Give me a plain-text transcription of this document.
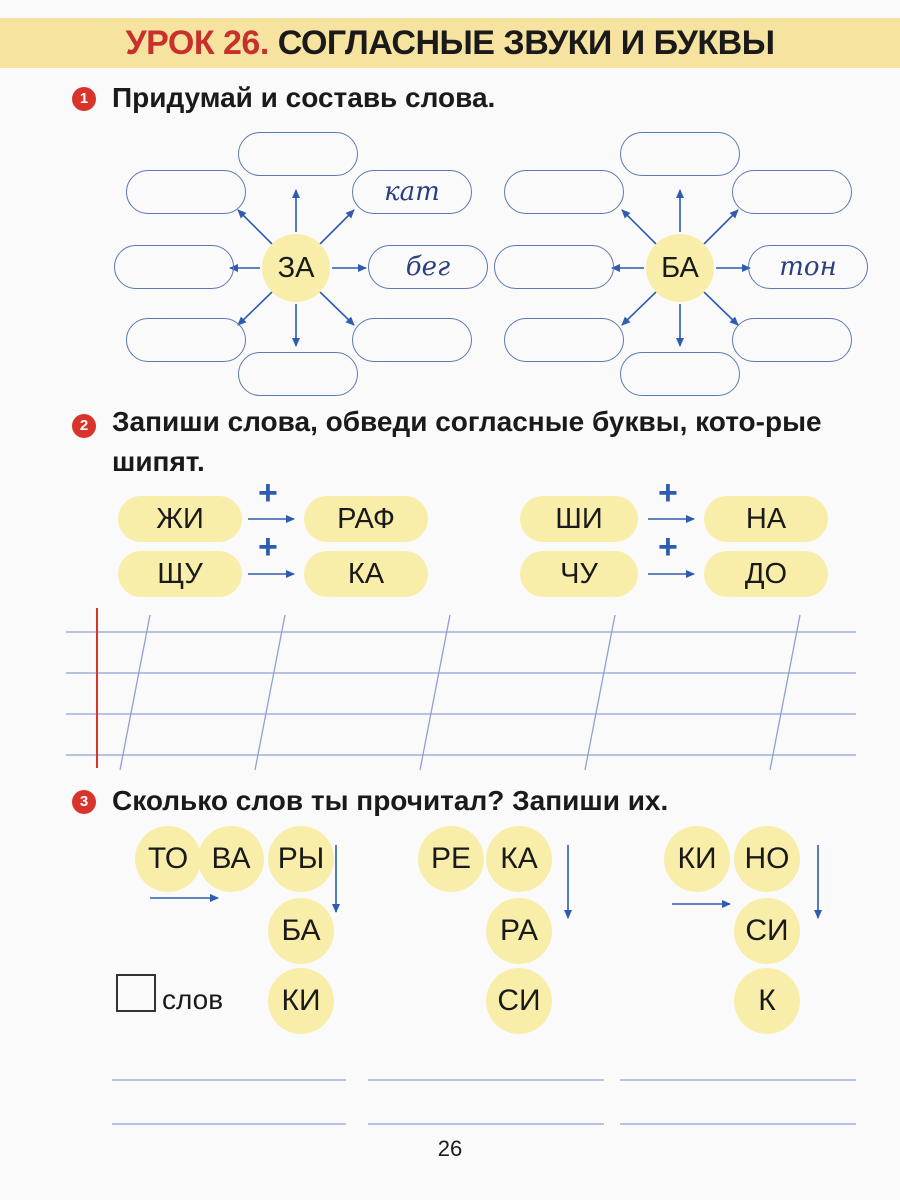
УРОК 26. СОГЛАСНЫЕ ЗВУКИ И БУКВЫ
1 Придумай и составь слова.
ЗА
кат
бег	БА	тон
2 Запиши слова, обведи согласные буквы, кото-рые шипят.
+
+
+
+
ЖИ	РАФ
ЩУ	КА
ШИ	НА
ЧУ	ДО
3 Сколько слов ты прочитал? Запиши их.
ТО ВА РЫ
БА
КИ
РЕ КА
РА
СИ
КИ НО
СИ
К
слов
26
